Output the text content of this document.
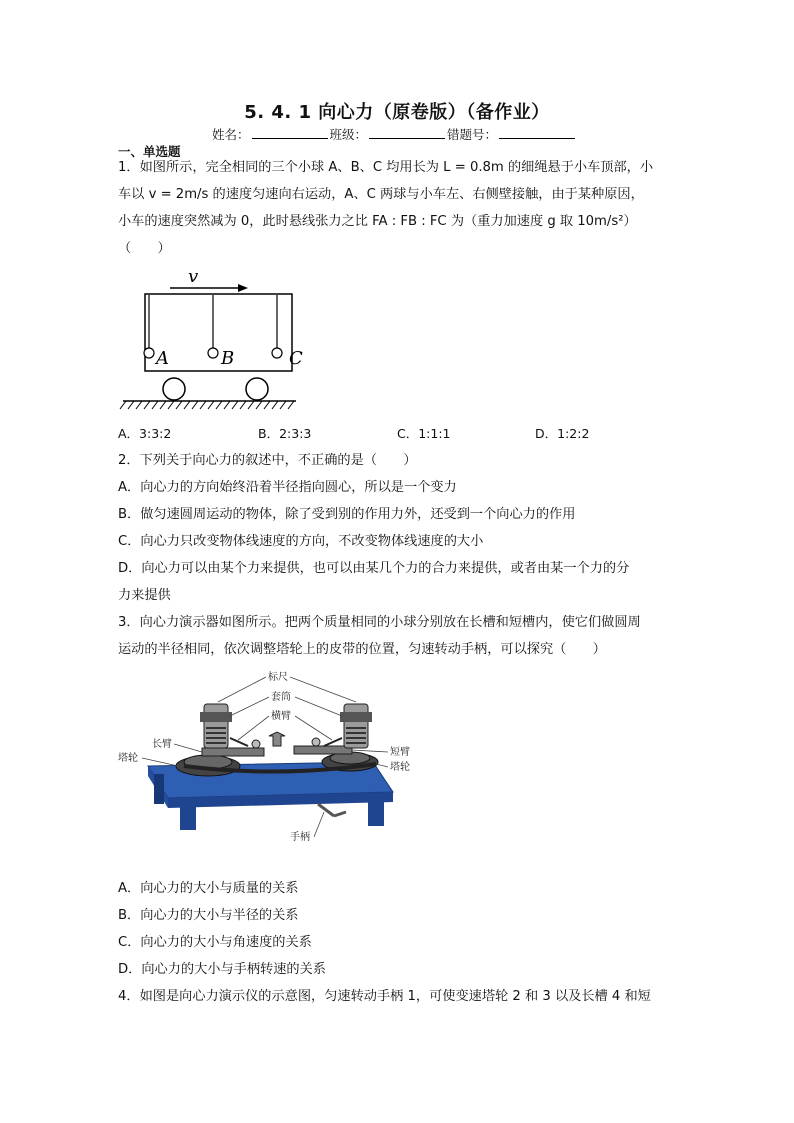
5. 4. 1 向心力（原卷版）（备作业）
姓名：	班级：	错题号：
一、单选题
1．如图所示，完全相同的三个小球 A、B、C 均用长为 L = 0.8m 的细绳悬于小车顶部，小
车以 v = 2m/s 的速度匀速向右运动，A、C 两球与小车左、右侧壁接触，由于某种原因，
小车的速度突然减为 0，此时悬线张力之比 FA : FB : FC 为（重力加速度 g 取 10m/s²）
（　　）
v
A	B	C
A．3:3:2	B．2:3:3	C．1:1:1	D．1:2:2
2．下列关于向心力的叙述中，不正确的是（　　）
A．向心力的方向始终沿着半径指向圆心，所以是一个变力
B．做匀速圆周运动的物体，除了受到别的作用力外，还受到一个向心力的作用
C．向心力只改变物体线速度的方向，不改变物体线速度的大小
D．向心力可以由某个力来提供，也可以由某几个力的合力来提供，或者由某一个力的分
力来提供
3．向心力演示器如图所示。把两个质量相同的小球分别放在长槽和短槽内，使它们做圆周
运动的半径相同，依次调整塔轮上的皮带的位置，匀速转动手柄，可以探究（　　）
标尺
套筒
横臂
长臂
塔轮
短臂
塔轮
手柄
A．向心力的大小与质量的关系
B．向心力的大小与半径的关系
C．向心力的大小与角速度的关系
D．向心力的大小与手柄转速的关系
4．如图是向心力演示仪的示意图，匀速转动手柄 1，可使变速塔轮 2 和 3 以及长槽 4 和短
